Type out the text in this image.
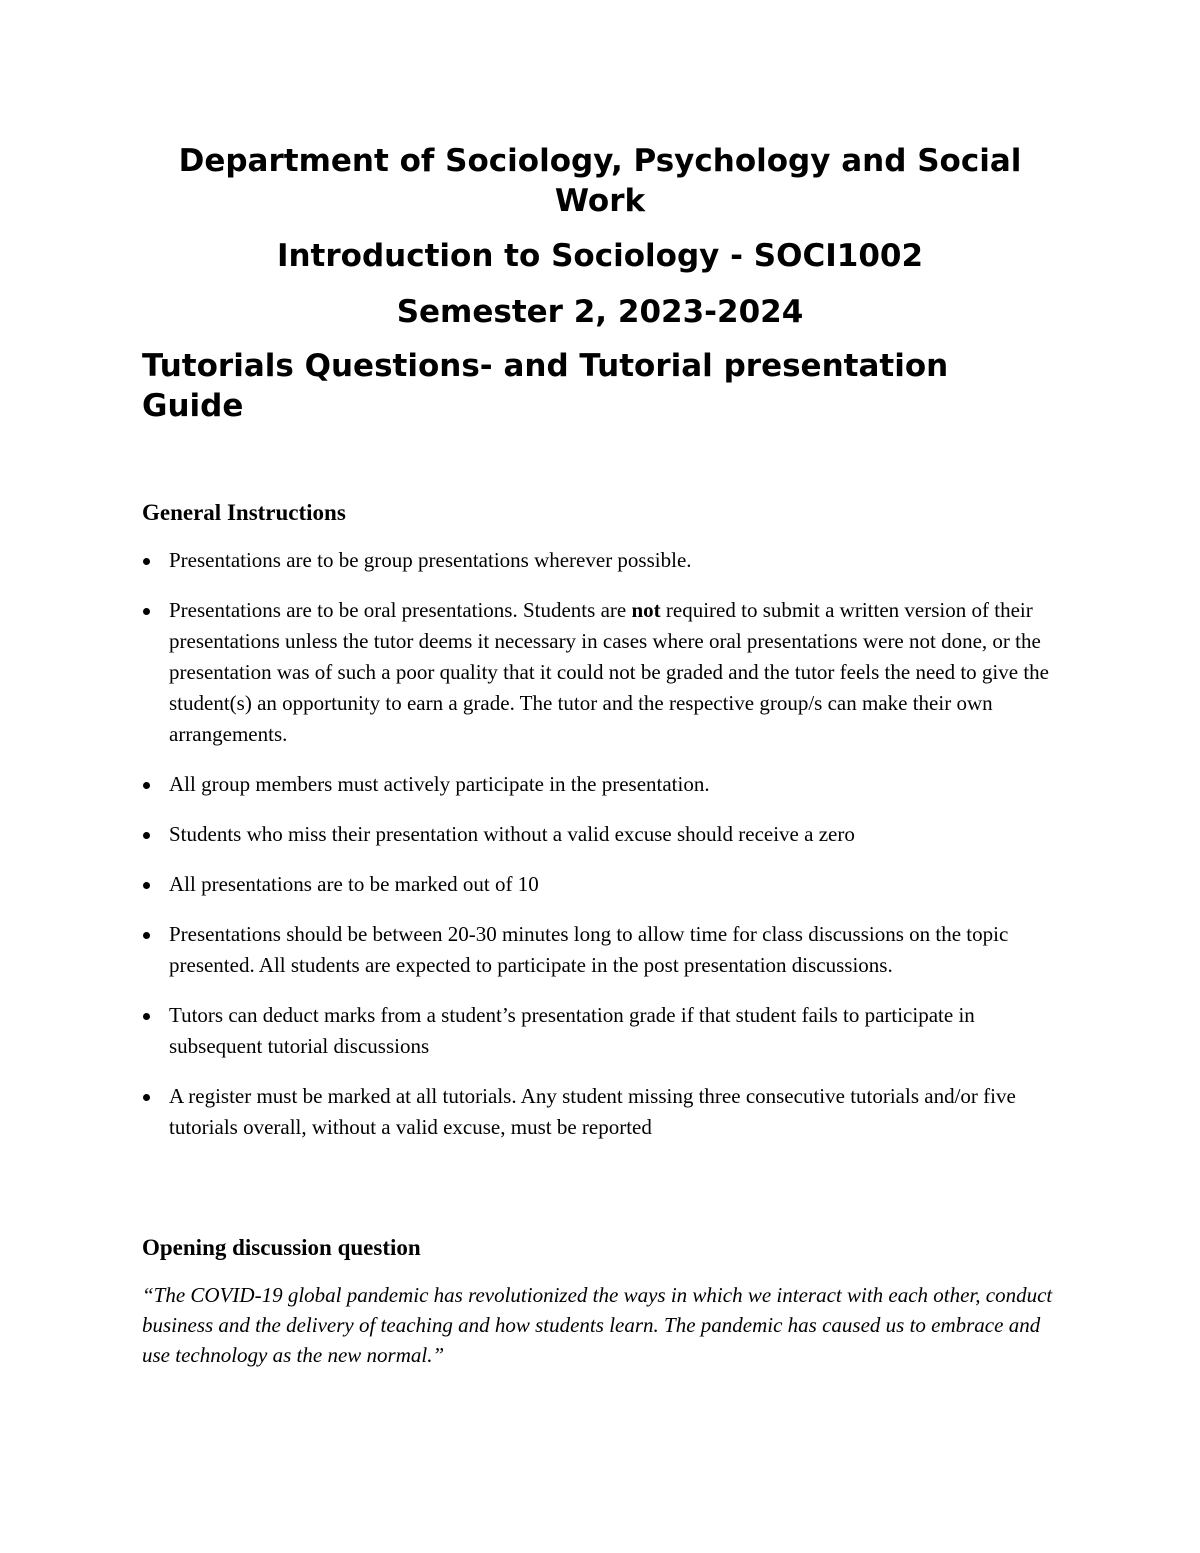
Department of Sociology, Psychology and Social Work
Introduction to Sociology - SOCI1002
Semester 2, 2023-2024
Tutorials Questions- and Tutorial presentation Guide
General Instructions
Presentations are to be group presentations wherever possible.
Presentations are to be oral presentations. Students are not required to submit a written version of their presentations unless the tutor deems it necessary in cases where oral presentations were not done, or the presentation was of such a poor quality that it could not be graded and the tutor feels the need to give the student(s) an opportunity to earn a grade. The tutor and the respective group/s can make their own arrangements.
All group members must actively participate in the presentation.
Students who miss their presentation without a valid excuse should receive a zero
All presentations are to be marked out of 10
Presentations should be between 20-30 minutes long to allow time for class discussions on the topic presented. All students are expected to participate in the post presentation discussions.
Tutors can deduct marks from a student’s presentation grade if that student fails to participate in subsequent tutorial discussions
A register must be marked at all tutorials. Any student missing three consecutive tutorials and/or five tutorials overall, without a valid excuse, must be reported
Opening discussion question

“The COVID-19 global pandemic has revolutionized the ways in which we interact with each other, conduct business and the delivery of teaching and how students learn. The pandemic has caused us to embrace and use technology as the new normal.”
